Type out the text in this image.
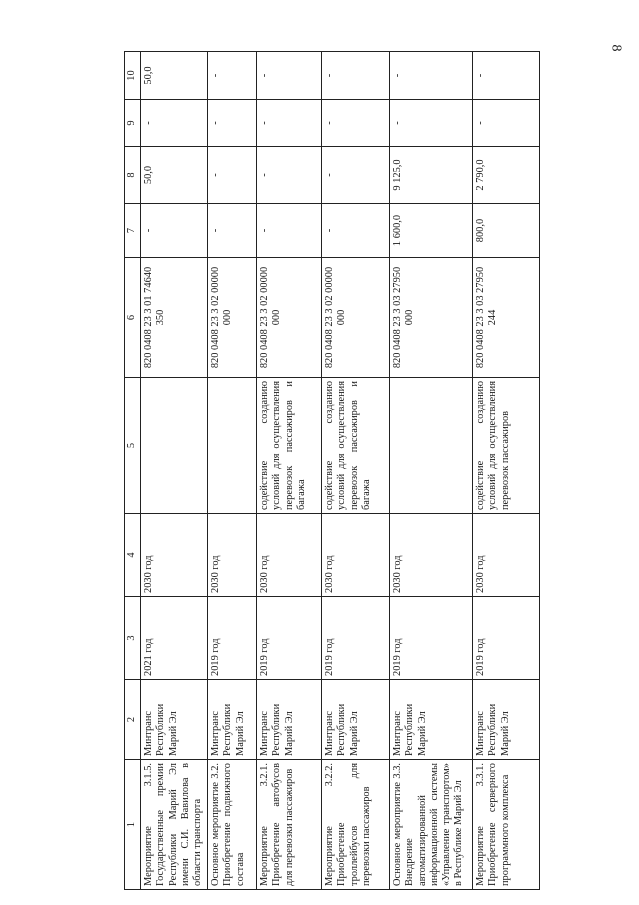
8
1	2	3	4	5	6	7	8	9	10
Мероприятие 3.1.5. Государственные премии Республики Марий Эл имени С.И. Вавилова в области транспорта	Минтранс Республики Марий Эл	2021 год	2030 год		820 0408 23 3 01 74640 350	-	50,0	-	50,0
Основное мероприятие 3.2. Приобретение подвижного состава	Минтранс Республики Марий Эл	2019 год	2030 год		820 0408 23 3 02 00000 000	-	-	-	-
Мероприятие 3.2.1. Приобретение автобусов для перевозки пассажиров	Минтранс Республики Марий Эл	2019 год	2030 год	содействие созданию условий для осуществления перевозок пассажиров и багажа	820 0408 23 3 02 00000 000	-	-	-	-
Мероприятие 3.2.2. Приобретение троллейбусов для перевозки пассажиров	Минтранс Республики Марий Эл	2019 год	2030 год	содействие созданию условий для осуществления перевозок пассажиров и багажа	820 0408 23 3 02 00000 000	-	-	-	-
Основное мероприятие 3.3. Внедрение автоматизированной информационной системы «Управление транспортом» в Республике Марий Эл	Минтранс Республики Марий Эл	2019 год	2030 год		820 0408 23 3 03 27950 000	1 600,0	9 125,0	-	-
Мероприятие 3.3.1. Приобретение серверного программного комплекса	Минтранс Республики Марий Эл	2019 год	2030 год	содействие созданию условий для осуществления перевозок пассажиров	820 0408 23 3 03 27950 244	800,0	2 790,0	-	-
